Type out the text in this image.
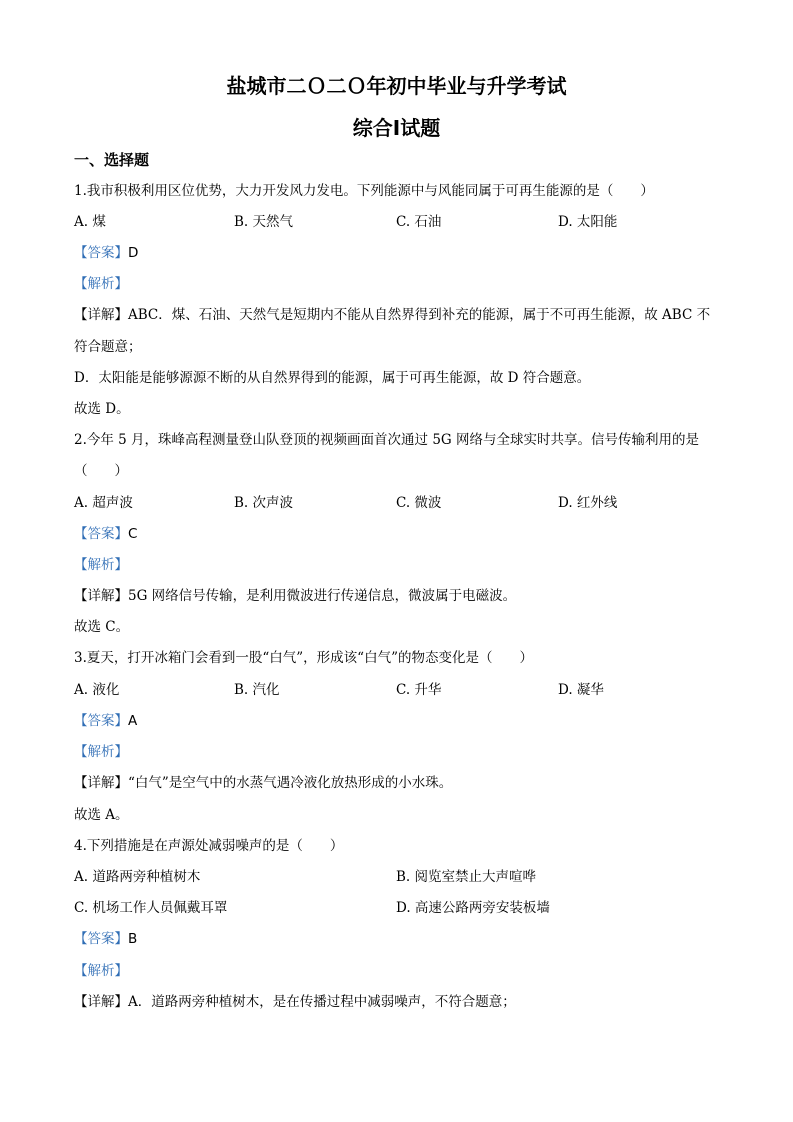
盐城市二Ｏ二Ｏ年初中毕业与升学考试
综合Ⅰ试题
一、选择题
1.我市积极利用区位优势，大力开发风力发电。下列能源中与风能同属于可再生能源的是（　　）
A. 煤	B. 天然气	C. 石油	D. 太阳能
【答案】D
【解析】
【详解】ABC．煤、石油、天然气是短期内不能从自然界得到补充的能源，属于不可再生能源，故 ABC 不
符合题意；
D．太阳能是能够源源不断的从自然界得到的能源，属于可再生能源，故 D 符合题意。
故选 D。
2.今年 5 月，珠峰高程测量登山队登顶的视频画面首次通过 5G 网络与全球实时共享。信号传输利用的是
（　　）
A. 超声波	B. 次声波	C. 微波	D. 红外线
【答案】C
【解析】
【详解】5G 网络信号传输，是利用微波进行传递信息，微波属于电磁波。
故选 C。
3.夏天，打开冰箱门会看到一股“白气”，形成该“白气”的物态变化是（　　）
A. 液化	B. 汽化	C. 升华	D. 凝华
【答案】A
【解析】
【详解】“白气”是空气中的水蒸气遇冷液化放热形成的小水珠。
故选 A。
4.下列措施是在声源处减弱噪声的是（　　）
A. 道路两旁种植树木	B. 阅览室禁止大声喧哗
C. 机场工作人员佩戴耳罩	D. 高速公路两旁安装板墙
【答案】B
【解析】
【详解】A．道路两旁种植树木，是在传播过程中减弱噪声，不符合题意；
